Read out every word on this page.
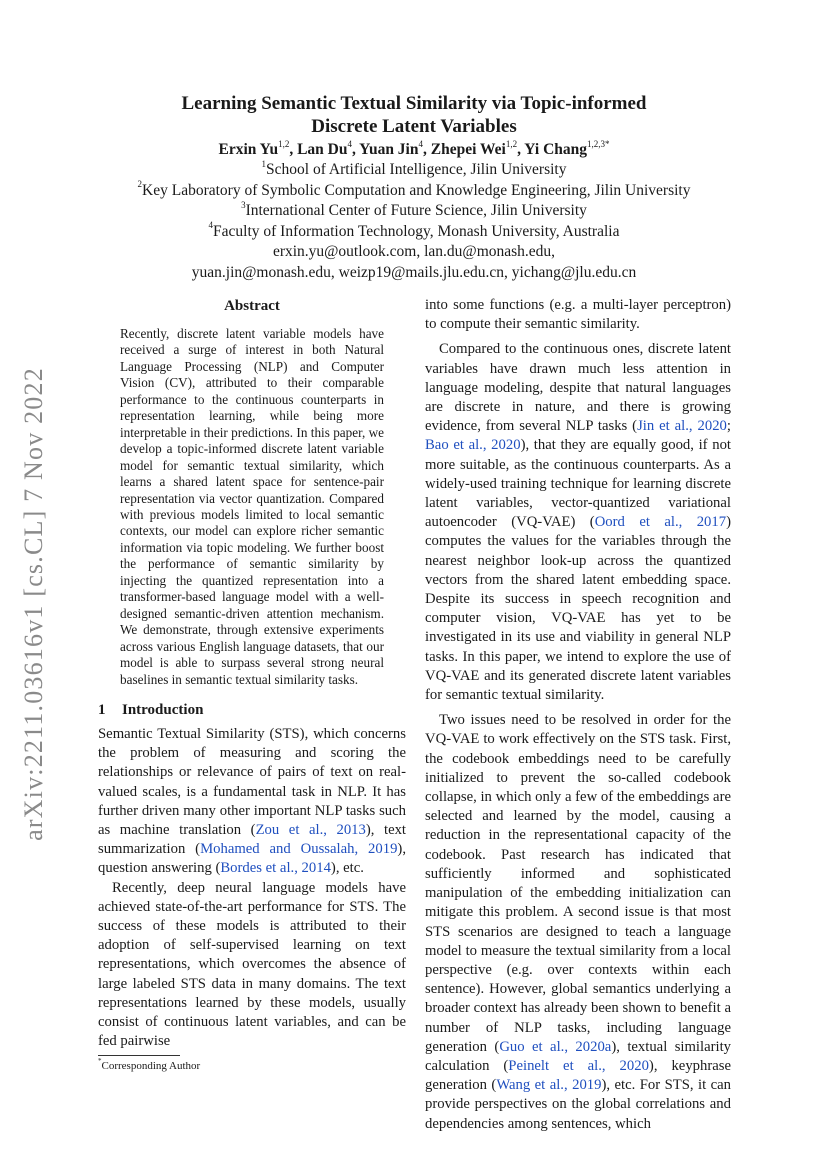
arXiv:2211.03616v1 [cs.CL] 7 Nov 2022
Learning Semantic Textual Similarity via Topic-informed
Discrete Latent Variables
Erxin Yu$^{1,2}$, Lan Du$^4$, Yuan Jin$^4$, Zhepei Wei$^{1,2}$, Yi Chang$^{1,2,3*}$
$^1$School of Artificial Intelligence, Jilin University
$^2$Key Laboratory of Symbolic Computation and Knowledge Engineering, Jilin University
$^3$International Center of Future Science, Jilin University
$^4$Faculty of Information Technology, Monash University, Australia
erxin.yu@outlook.com, lan.du@monash.edu,
yuan.jin@monash.edu, weizp19@mails.jlu.edu.cn, yichang@jlu.edu.cn
Abstract

Recently, discrete latent variable models have received a surge of interest in both Natural Language Processing (NLP) and Computer Vision (CV), attributed to their comparable performance to the continuous counterparts in representation learning, while being more interpretable in their predictions. In this paper, we develop a topic-informed discrete latent variable model for semantic textual similarity, which learns a shared latent space for sentence-pair representation via vector quantization. Compared with previous models limited to local semantic contexts, our model can explore richer semantic information via topic modeling. We further boost the performance of semantic similarity by injecting the quantized representation into a transformer-based language model with a well-designed semantic-driven attention mechanism. We demonstrate, through extensive experiments across various English language datasets, that our model is able to surpass several strong neural baselines in semantic textual similarity tasks.

1 Introduction

Semantic Textual Similarity (STS), which concerns the problem of measuring and scoring the relationships or relevance of pairs of text on real-valued scales, is a fundamental task in NLP. It has further driven many other important NLP tasks such as machine translation (Zou et al., 2013), text summarization (Mohamed and Oussalah, 2019), question answering (Bordes et al., 2014), etc.

Recently, deep neural language models have achieved state-of-the-art performance for STS. The success of these models is attributed to their adoption of self-supervised learning on text representations, which overcomes the absence of large labeled STS data in many domains. The text representations learned by these models, usually consist of continuous latent variables, and can be fed pairwise

*Corresponding Author

into some functions (e.g. a multi-layer perceptron) to compute their semantic similarity.

Compared to the continuous ones, discrete latent variables have drawn much less attention in language modeling, despite that natural languages are discrete in nature, and there is growing evidence, from several NLP tasks (Jin et al., 2020; Bao et al., 2020), that they are equally good, if not more suitable, as the continuous counterparts. As a widely-used training technique for learning discrete latent variables, vector-quantized variational autoencoder (VQ-VAE) (Oord et al., 2017) computes the values for the variables through the nearest neighbor look-up across the quantized vectors from the shared latent embedding space. Despite its success in speech recognition and computer vision, VQ-VAE has yet to be investigated in its use and viability in general NLP tasks. In this paper, we intend to explore the use of VQ-VAE and its generated discrete latent variables for semantic textual similarity.

Two issues need to be resolved in order for the VQ-VAE to work effectively on the STS task. First, the codebook embeddings need to be carefully initialized to prevent the so-called codebook collapse, in which only a few of the embeddings are selected and learned by the model, causing a reduction in the representational capacity of the codebook. Past research has indicated that sufficiently informed and sophisticated manipulation of the embedding initialization can mitigate this problem. A second issue is that most STS scenarios are designed to teach a language model to measure the textual similarity from a local perspective (e.g. over contexts within each sentence). However, global semantics underlying a broader context has already been shown to benefit a number of NLP tasks, including language generation (Guo et al., 2020a), textual similarity calculation (Peinelt et al., 2020), keyphrase generation (Wang et al., 2019), etc. For STS, it can provide perspectives on the global correlations and dependencies among sentences, which
